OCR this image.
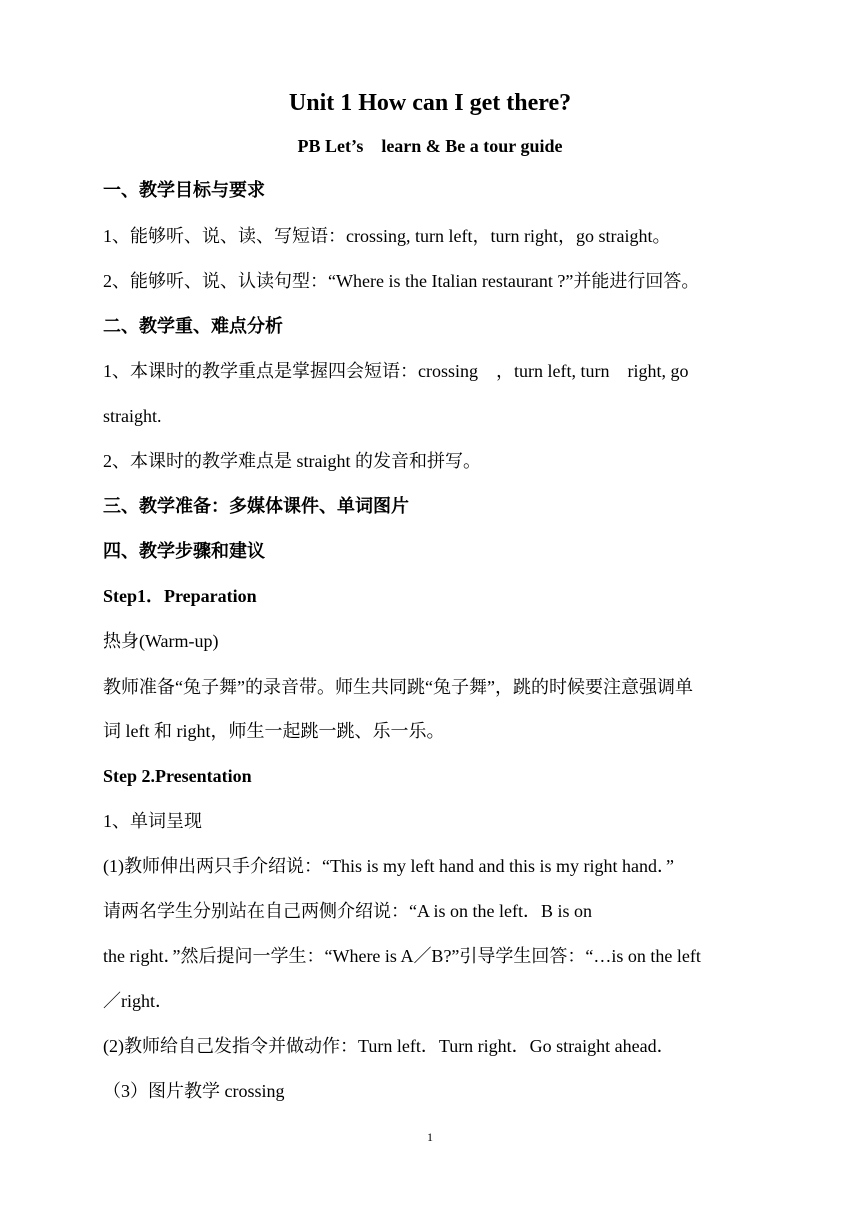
Unit 1 How can I get there?

PB Let’s　learn & Be a tour guide

一、教学目标与要求

1、能够听、说、读、写短语：crossing, turn left，turn right，go straight。

2、能够听、说、认读句型：“Where is the Italian restaurant ?”并能进行回答。

二、教学重、难点分析

1、本课时的教学重点是掌握四会短语：crossing　，turn left, turn　right, go

straight.

2、本课时的教学难点是 straight 的发音和拼写。

三、教学准备：多媒体课件、单词图片

四、教学步骤和建议

Step1．Preparation

热身(Warm-up)

教师准备“兔子舞”的录音带。师生共同跳“兔子舞”，跳的时候要注意强调单

词 left 和 right，师生一起跳一跳、乐一乐。

Step 2.Presentation

1、单词呈现

(1)教师伸出两只手介绍说：“This is my left hand and this is my right hand．”

请两名学生分别站在自己两侧介绍说：“A is on the left．B is on

the right．”然后提问一学生：“Where is A／B?”引导学生回答：“…is on the left

／right．

(2)教师给自己发指令并做动作：Turn left．Turn right．Go straight ahead．

（3）图片教学 crossing

1
